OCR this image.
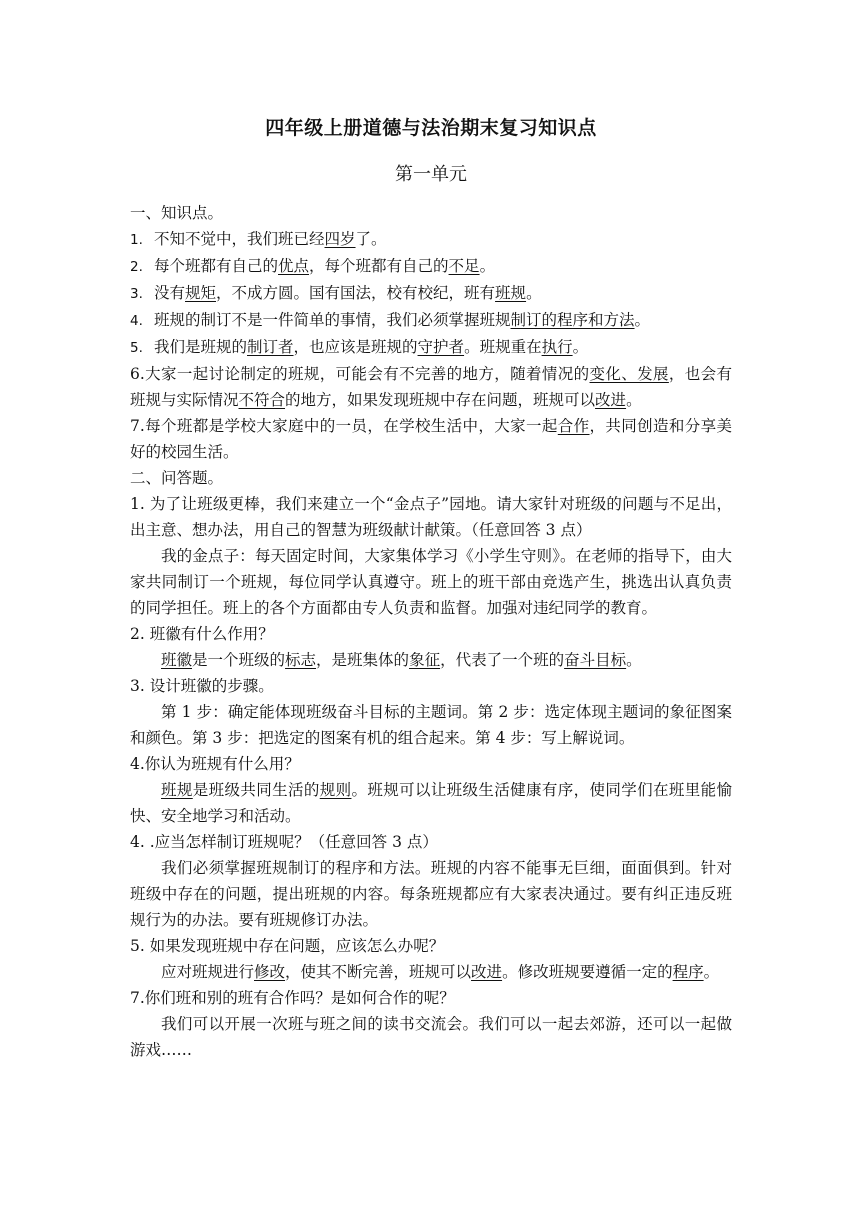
四年级上册道德与法治期末复习知识点
第一单元

一、知识点。

1. 不知不觉中，我们班已经四岁了。

2. 每个班都有自己的优点，每个班都有自己的不足。

3. 没有规矩，不成方圆。国有国法，校有校纪，班有班规。

4. 班规的制订不是一件简单的事情，我们必须掌握班规制订的程序和方法。

5. 我们是班规的制订者，也应该是班规的守护者。班规重在执行。

6.大家一起讨论制定的班规，可能会有不完善的地方，随着情况的变化、发展，也会有班规与实际情况不符合的地方，如果发现班规中存在问题，班规可以改进。

7.每个班都是学校大家庭中的一员，在学校生活中，大家一起合作，共同创造和分享美好的校园生活。

二、问答题。

1. 为了让班级更棒，我们来建立一个“金点子”园地。请大家针对班级的问题与不足出，出主意、想办法，用自己的智慧为班级献计献策。（任意回答 3 点）

我的金点子：每天固定时间，大家集体学习《小学生守则》。在老师的指导下，由大家共同制订一个班规，每位同学认真遵守。班上的班干部由竞选产生，挑选出认真负责的同学担任。班上的各个方面都由专人负责和监督。加强对违纪同学的教育。

2. 班徽有什么作用？

班徽是一个班级的标志，是班集体的象征，代表了一个班的奋斗目标。

3. 设计班徽的步骤。

第 1 步：确定能体现班级奋斗目标的主题词。第 2 步：选定体现主题词的象征图案和颜色。第 3 步：把选定的图案有机的组合起来。第 4 步：写上解说词。

4.你认为班规有什么用？

班规是班级共同生活的规则。班规可以让班级生活健康有序，使同学们在班里能愉快、安全地学习和活动。

4. .应当怎样制订班规呢？（任意回答 3 点）

我们必须掌握班规制订的程序和方法。班规的内容不能事无巨细，面面俱到。针对班级中存在的问题，提出班规的内容。每条班规都应有大家表决通过。要有纠正违反班规行为的办法。要有班规修订办法。

5. 如果发现班规中存在问题，应该怎么办呢？

应对班规进行修改，使其不断完善，班规可以改进。修改班规要遵循一定的程序。

7.你们班和别的班有合作吗？是如何合作的呢？

我们可以开展一次班与班之间的读书交流会。我们可以一起去郊游，还可以一起做游戏……
